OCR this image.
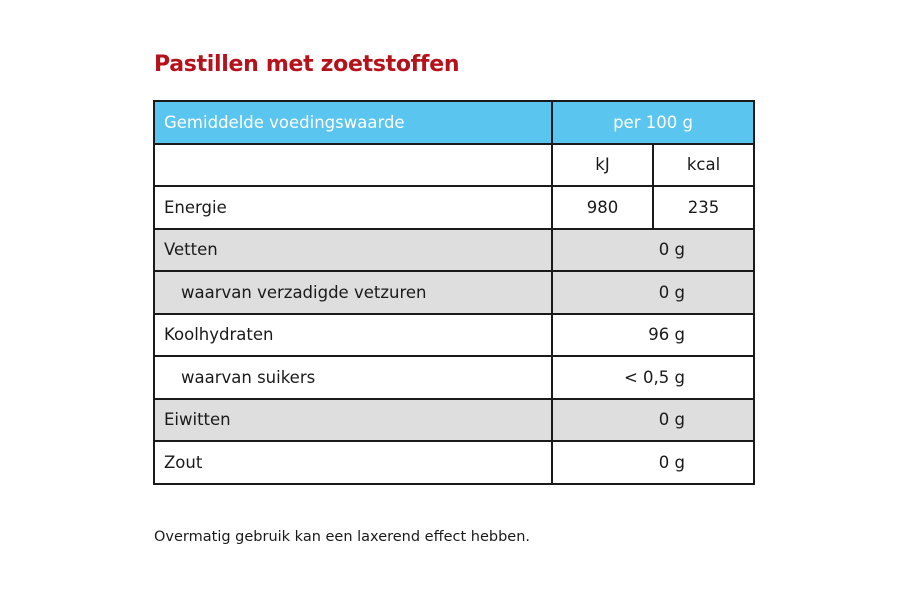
Pastillen met zoetstoffen
Gemiddelde voedingswaarde	per 100 g	
	kJ	kcal
Energie	980	235
Vetten	0 g	
waarvan verzadigde vetzuren	0 g	
Koolhydraten	96 g	
waarvan suikers	< 0,5 g	
Eiwitten	0 g	
Zout	0 g	
Overmatig gebruik kan een laxerend effect hebben.
